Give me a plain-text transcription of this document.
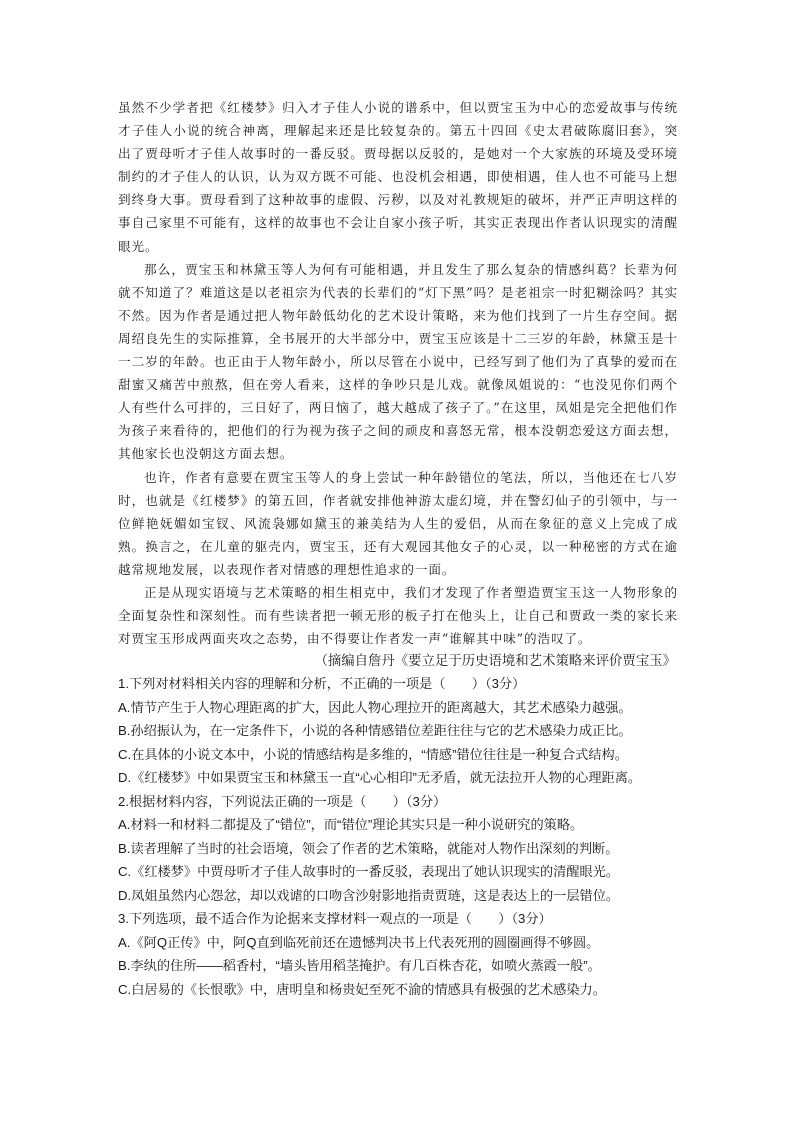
虽然不少学者把《红楼梦》归入才子佳人小说的谱系中，但以贾宝玉为中心的恋爱故事与传统才子佳人小说的统合神离，理解起来还是比较复杂的。第五十四回《史太君破陈腐旧套》，突出了贾母听才子佳人故事时的一番反驳。贾母据以反驳的，是她对一个大家族的环境及受环境制约的才子佳人的认识，认为双方既不可能、也没机会相遇，即使相遇，佳人也不可能马上想到终身大事。贾母看到了这种故事的虚假、污秽，以及对礼教规矩的破坏，并严正声明这样的事自己家里不可能有，这样的故事也不会让自家小孩子听，其实正表现出作者认识现实的清醒眼光。

那么，贾宝玉和林黛玉等人为何有可能相遇，并且发生了那么复杂的情感纠葛？长辈为何就不知道了？难道这是以老祖宗为代表的长辈们的“灯下黑”吗？是老祖宗一时犯糊涂吗？其实不然。因为作者是通过把人物年龄低幼化的艺术设计策略，来为他们找到了一片生存空间。据周绍良先生的实际推算，全书展开的大半部分中，贾宝玉应该是十二三岁的年龄，林黛玉是十一二岁的年龄。也正由于人物年龄小，所以尽管在小说中，已经写到了他们为了真挚的爱而在甜蜜又痛苦中煎熬，但在旁人看来，这样的争吵只是儿戏。就像凤姐说的：“也没见你们两个人有些什么可拌的，三日好了，两日恼了，越大越成了孩子了。”在这里，凤姐是完全把他们作为孩子来看待的，把他们的行为视为孩子之间的顽皮和喜怒无常，根本没朝恋爱这方面去想，其他家长也没朝这方面去想。

也许，作者有意要在贾宝玉等人的身上尝试一种年龄错位的笔法，所以，当他还在七八岁时，也就是《红楼梦》的第五回，作者就安排他神游太虚幻境，并在警幻仙子的引领中，与一位鲜艳妩媚如宝钗、风流袅娜如黛玉的兼美结为人生的爱侣，从而在象征的意义上完成了成熟。换言之，在儿童的躯壳内，贾宝玉，还有大观园其他女子的心灵，以一种秘密的方式在逾越常规地发展，以表现作者对情感的理想性追求的一面。

正是从现实语境与艺术策略的相生相克中，我们才发现了作者塑造贾宝玉这一人物形象的全面复杂性和深刻性。而有些读者把一顿无形的板子打在他头上，让自己和贾政一类的家长来对贾宝玉形成两面夹攻之态势，由不得要让作者发一声“谁解其中味”的浩叹了。

（摘编自詹丹《要立足于历史语境和艺术策略来评价贾宝玉》

1.下列对材料相关内容的理解和分析，不正确的一项是（　　）（3分）

A.情节产生于人物心理距离的扩大，因此人物心理拉开的距离越大，其艺术感染力越强。

B.孙绍振认为，在一定条件下，小说的各种情感错位差距往往与它的艺术感染力成正比。

C.在具体的小说文本中，小说的情感结构是多维的，“情感”错位往往是一种复合式结构。

D.《红楼梦》中如果贾宝玉和林黛玉一直“心心相印”无矛盾，就无法拉开人物的心理距离。

2.根据材料内容，下列说法正确的一项是（　　）（3分）

A.材料一和材料二都提及了“错位”，而“错位”理论其实只是一种小说研究的策略。

B.读者理解了当时的社会语境，领会了作者的艺术策略，就能对人物作出深刻的判断。

C.《红楼梦》中贾母听才子佳人故事时的一番反驳，表现出了她认识现实的清醒眼光。

D.凤姐虽然内心怨忿，却以戏谑的口吻含沙射影地指责贾琏，这是表达上的一层错位。

3.下列选项，最不适合作为论据来支撑材料一观点的一项是（　　）（3分）

A.《阿Q正传》中，阿Q直到临死前还在遗憾判决书上代表死刑的圆圈画得不够圆。

B.李纨的住所——稻香村，“墙头皆用稻茎掩护。有几百株杏花，如喷火蒸霞一般”。

C.白居易的《长恨歌》中，唐明皇和杨贵妃至死不渝的情感具有极强的艺术感染力。
